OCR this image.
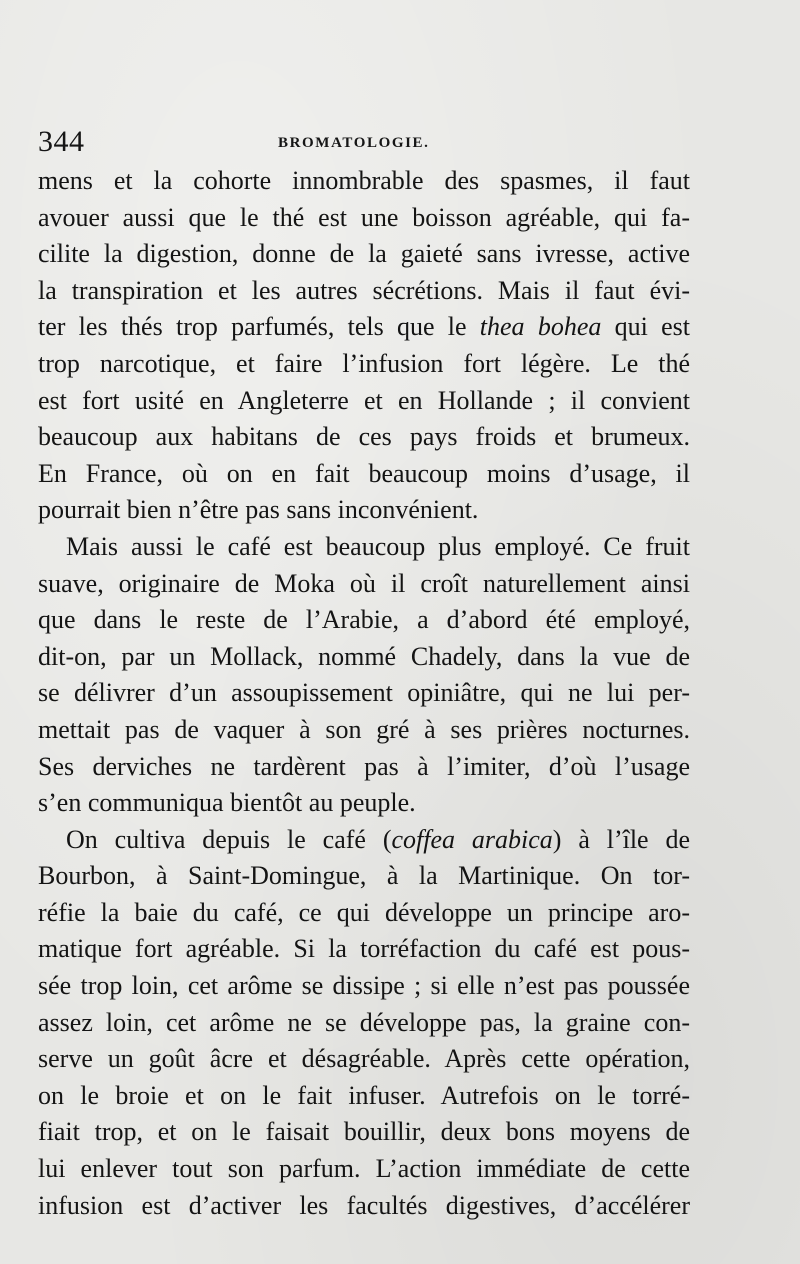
344	BROMATOLOGIE.
mens et la cohorte innombrable des spasmes, il faut
avouer aussi que le thé est une boisson agréable, qui fa-
cilite la digestion, donne de la gaieté sans ivresse, active
la transpiration et les autres sécrétions. Mais il faut évi-
ter les thés trop parfumés, tels que le thea bohea qui est
trop narcotique, et faire l’infusion fort légère. Le thé
est fort usité en Angleterre et en Hollande ; il convient
beaucoup aux habitans de ces pays froids et brumeux.
En France, où on en fait beaucoup moins d’usage, il
pourrait bien n’être pas sans inconvénient.
Mais aussi le café est beaucoup plus employé. Ce fruit
suave, originaire de Moka où il croît naturellement ainsi
que dans le reste de l’Arabie, a d’abord été employé,
dit-on, par un Mollack, nommé Chadely, dans la vue de
se délivrer d’un assoupissement opiniâtre, qui ne lui per-
mettait pas de vaquer à son gré à ses prières nocturnes.
Ses derviches ne tardèrent pas à l’imiter, d’où l’usage
s’en communiqua bientôt au peuple.
On cultiva depuis le café (coffea arabica) à l’île de
Bourbon, à Saint-Domingue, à la Martinique. On tor-
réfie la baie du café, ce qui développe un principe aro-
matique fort agréable. Si la torréfaction du café est pous-
sée trop loin, cet arôme se dissipe ; si elle n’est pas poussée
assez loin, cet arôme ne se développe pas, la graine con-
serve un goût âcre et désagréable. Après cette opération,
on le broie et on le fait infuser. Autrefois on le torré-
fiait trop, et on le faisait bouillir, deux bons moyens de
lui enlever tout son parfum. L’action immédiate de cette
infusion est d’activer les facultés digestives, d’accélérer
